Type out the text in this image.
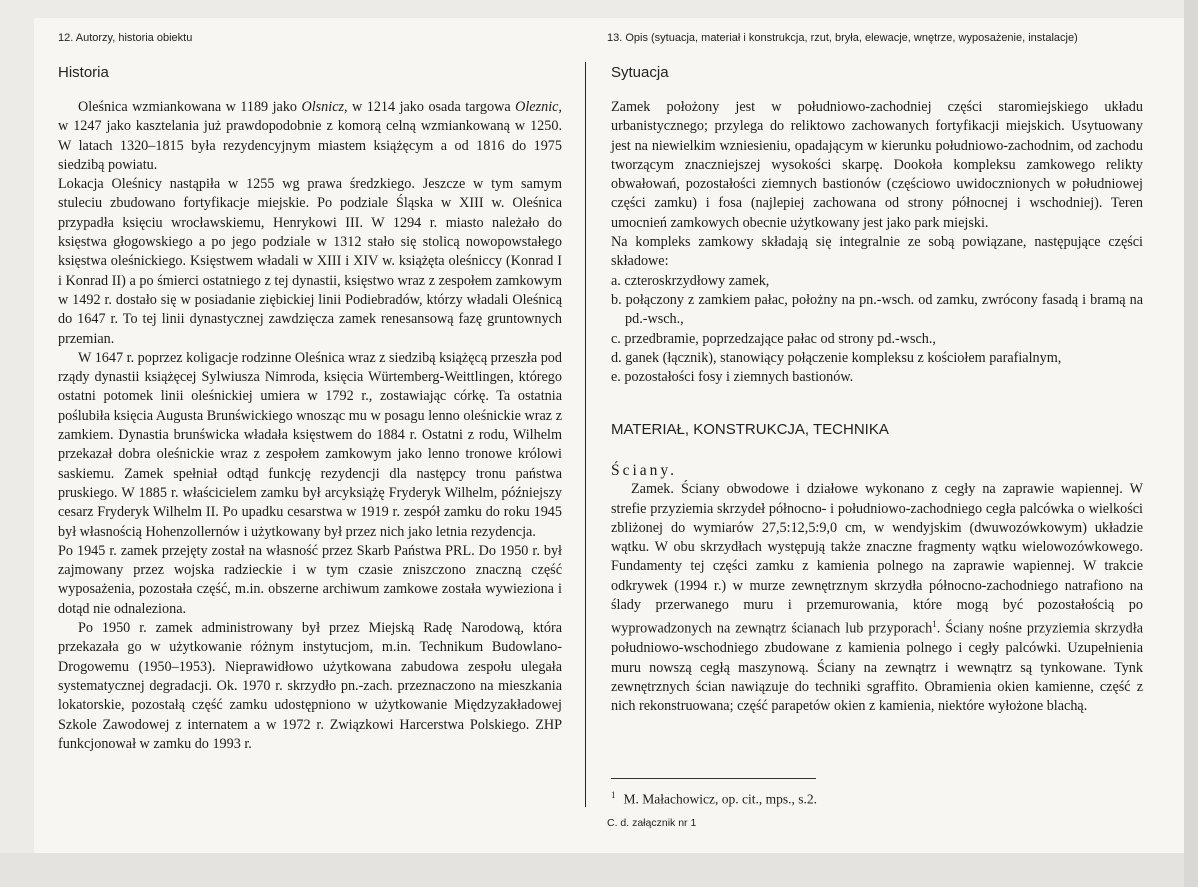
12. Autorzy, historia obiektu
Historia

Oleśnica wzmiankowana w 1189 jako Olsnicz, w 1214 jako osada targowa Oleznic, w 1247 jako kasztelania już prawdopodobnie z komorą celną wzmiankowaną w 1250. W latach 1320–1815 była rezydencyjnym miastem książęcym a od 1816 do 1975 siedzibą powiatu.

Lokacja Oleśnicy nastąpiła w 1255 wg prawa średzkiego. Jeszcze w tym samym stuleciu zbudowano fortyfikacje miejskie. Po podziale Śląska w XIII w. Oleśnica przypadła księciu wrocławskiemu, Henrykowi III. W 1294 r. miasto należało do księstwa głogowskiego a po jego podziale w 1312 stało się stolicą nowopowstałego księstwa oleśnickiego. Księstwem władali w XIII i XIV w. książęta oleśniccy (Konrad I i Konrad II) a po śmierci ostatniego z tej dynastii, księstwo wraz z zespołem zamkowym w 1492 r. dostało się w posiadanie ziębickiej linii Podiebradów, którzy władali Oleśnicą do 1647 r. To tej linii dynastycznej zawdzięcza zamek renesansową fazę gruntownych przemian.

W 1647 r. poprzez koligacje rodzinne Oleśnica wraz z siedzibą książęcą przeszła pod rządy dynastii książęcej Sylwiusza Nimroda, księcia Würtemberg-Weittlingen, którego ostatni potomek linii oleśnickiej umiera w 1792 r., zostawiając córkę. Ta ostatnia poślubiła księcia Augusta Brunświckiego wnosząc mu w posagu lenno oleśnickie wraz z zamkiem. Dynastia brunświcka władała księstwem do 1884 r. Ostatni z rodu, Wilhelm przekazał dobra oleśnickie wraz z zespołem zamkowym jako lenno tronowe królowi saskiemu. Zamek spełniał odtąd funkcję rezydencji dla następcy tronu państwa pruskiego. W 1885 r. właścicielem zamku był arcyksiążę Fryderyk Wilhelm, późniejszy cesarz Fryderyk Wilhelm II. Po upadku cesarstwa w 1919 r. zespół zamku do roku 1945 był własnością Hohenzollernów i użytkowany był przez nich jako letnia rezydencja.

Po 1945 r. zamek przejęty został na własność przez Skarb Państwa PRL. Do 1950 r. był zajmowany przez wojska radzieckie i w tym czasie zniszczono znaczną część wyposażenia, pozostała część, m.in. obszerne archiwum zamkowe została wywieziona i dotąd nie odnaleziona.

Po 1950 r. zamek administrowany był przez Miejską Radę Narodową, która przekazała go w użytkowanie różnym instytucjom, m.in. Technikum Budowlano-Drogowemu (1950–1953). Nieprawidłowo użytkowana zabudowa zespołu ulegała systematycznej degradacji. Ok. 1970 r. skrzydło pn.-zach. przeznaczono na mieszkania lokatorskie, pozostałą część zamku udostępniono w użytkowanie Międzyzakładowej Szkole Zawodowej z internatem a w 1972 r. Związkowi Harcerstwa Polskiego. ZHP funkcjonował w zamku do 1993 r.

13. Opis (sytuacja, materiał i konstrukcja, rzut, bryła, elewacje, wnętrze, wyposażenie, instalacje)
Sytuacja

Zamek położony jest w południowo-zachodniej części staromiejskiego układu urbanistycznego; przylega do reliktowo zachowanych fortyfikacji miejskich. Usytuowany jest na niewielkim wzniesieniu, opadającym w kierunku południowo-zachodnim, od zachodu tworzącym znaczniejszej wysokości skarpę. Dookoła kompleksu zamkowego relikty obwałowań, pozostałości ziemnych bastionów (częściowo uwidocznionych w południowej części zamku) i fosa (najlepiej zachowana od strony północnej i wschodniej). Teren umocnień zamkowych obecnie użytkowany jest jako park miejski.

Na kompleks zamkowy składają się integralnie ze sobą powiązane, następujące części składowe:

a. czteroskrzydłowy zamek,

b. połączony z zamkiem pałac, położny na pn.-wsch. od zamku, zwrócony fasadą i bramą na pd.-wsch.,

c. przedbramie, poprzedzające pałac od strony pd.-wsch.,

d. ganek (łącznik), stanowiący połączenie kompleksu z kościołem parafialnym,

e. pozostałości fosy i ziemnych bastionów.

MATERIAŁ, KONSTRUKCJA, TECHNIKA

Ściany.

Zamek. Ściany obwodowe i działowe wykonano z cegły na zaprawie wapiennej. W strefie przyziemia skrzydeł północno- i południowo-zachodniego cegła palcówka o wielkości zbliżonej do wymiarów 27,5:12,5:9,0 cm, w wendyjskim (dwuwozówkowym) układzie wątku. W obu skrzydłach występują także znaczne fragmenty wątku wielowozówkowego. Fundamenty tej części zamku z kamienia polnego na zaprawie wapiennej. W trakcie odkrywek (1994 r.) w murze zewnętrznym skrzydła północno-zachodniego natrafiono na ślady przerwanego muru i przemurowania, które mogą być pozostałością po wyprowadzonych na zewnątrz ścianach lub przyporach$^1$. Ściany nośne przyziemia skrzydła południowo-wschodniego zbudowane z kamienia polnego i cegły palcówki. Uzupełnienia muru nowszą cegłą maszynową. Ściany na zewnątrz i wewnątrz są tynkowane. Tynk zewnętrznych ścian nawiązuje do techniki sgraffito. Obramienia okien kamienne, część z nich rekonstruowana; część parapetów okien z kamienia, niektóre wyłożone blachą.

$^1$ M. Małachowicz, op. cit., mps., s.2.
C. d. załącznik nr 1
